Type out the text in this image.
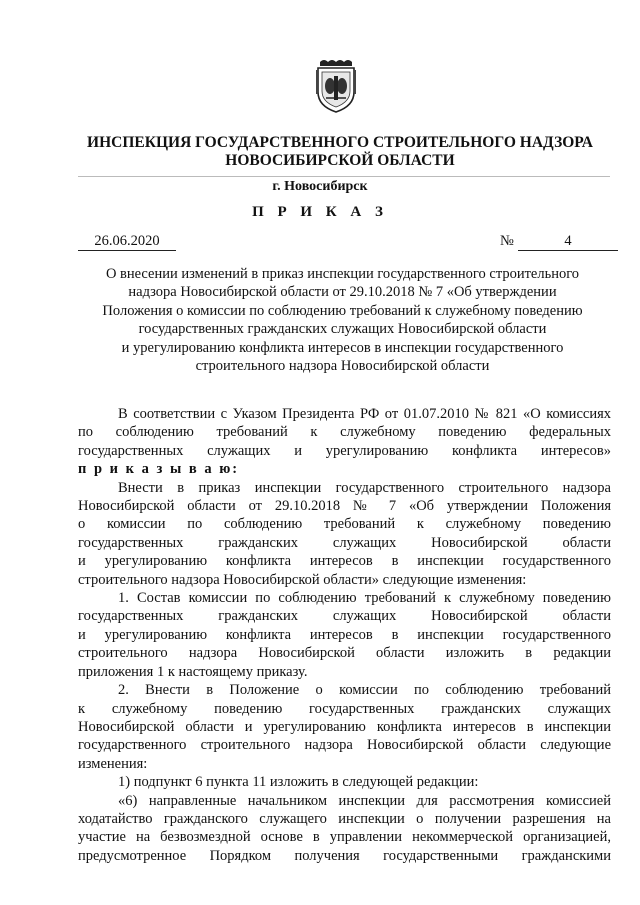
ИНСПЕКЦИЯ ГОСУДАРСТВЕННОГО СТРОИТЕЛЬНОГО НАДЗОРА
НОВОСИБИРСКОЙ ОБЛАСТИ
г. Новосибирск
П Р И К А З
26.06.2020	№	4
О внесении изменений в приказ инспекции государственного строительного
надзора Новосибирской области от 29.10.2018 № 7 «Об утверждении
Положения о комиссии по соблюдению требований к служебному поведению
государственных гражданских служащих Новосибирской области
и урегулированию конфликта интересов в инспекции государственного
строительного надзора Новосибирской области

В соответствии с Указом Президента РФ от 01.07.2010 № 821 «О комиссиях

по соблюдению требований к служебному поведению федеральных

государственных служащих и урегулированию конфликта интересов»

п р и к а з ы в а ю:

Внести в приказ инспекции государственного строительного надзора

Новосибирской области от 29.10.2018 № 7 «Об утверждении Положения

о комиссии по соблюдению требований к служебному поведению

государственных гражданских служащих Новосибирской области

и урегулированию конфликта интересов в инспекции государственного

строительного надзора Новосибирской области» следующие изменения:

1. Состав комиссии по соблюдению требований к служебному поведению

государственных гражданских служащих Новосибирской области

и урегулированию конфликта интересов в инспекции государственного

строительного надзора Новосибирской области изложить в редакции

приложения 1 к настоящему приказу.

2. Внести в Положение о комиссии по соблюдению требований

к служебному поведению государственных гражданских служащих

Новосибирской области и урегулированию конфликта интересов в инспекции

государственного строительного надзора Новосибирской области следующие

изменения:

1) подпункт 6 пункта 11 изложить в следующей редакции:

«6) направленные начальником инспекции для рассмотрения комиссией

ходатайство гражданского служащего инспекции о получении разрешения на

участие на безвозмездной основе в управлении некоммерческой организацией,

предусмотренное Порядком получения государственными гражданскими
